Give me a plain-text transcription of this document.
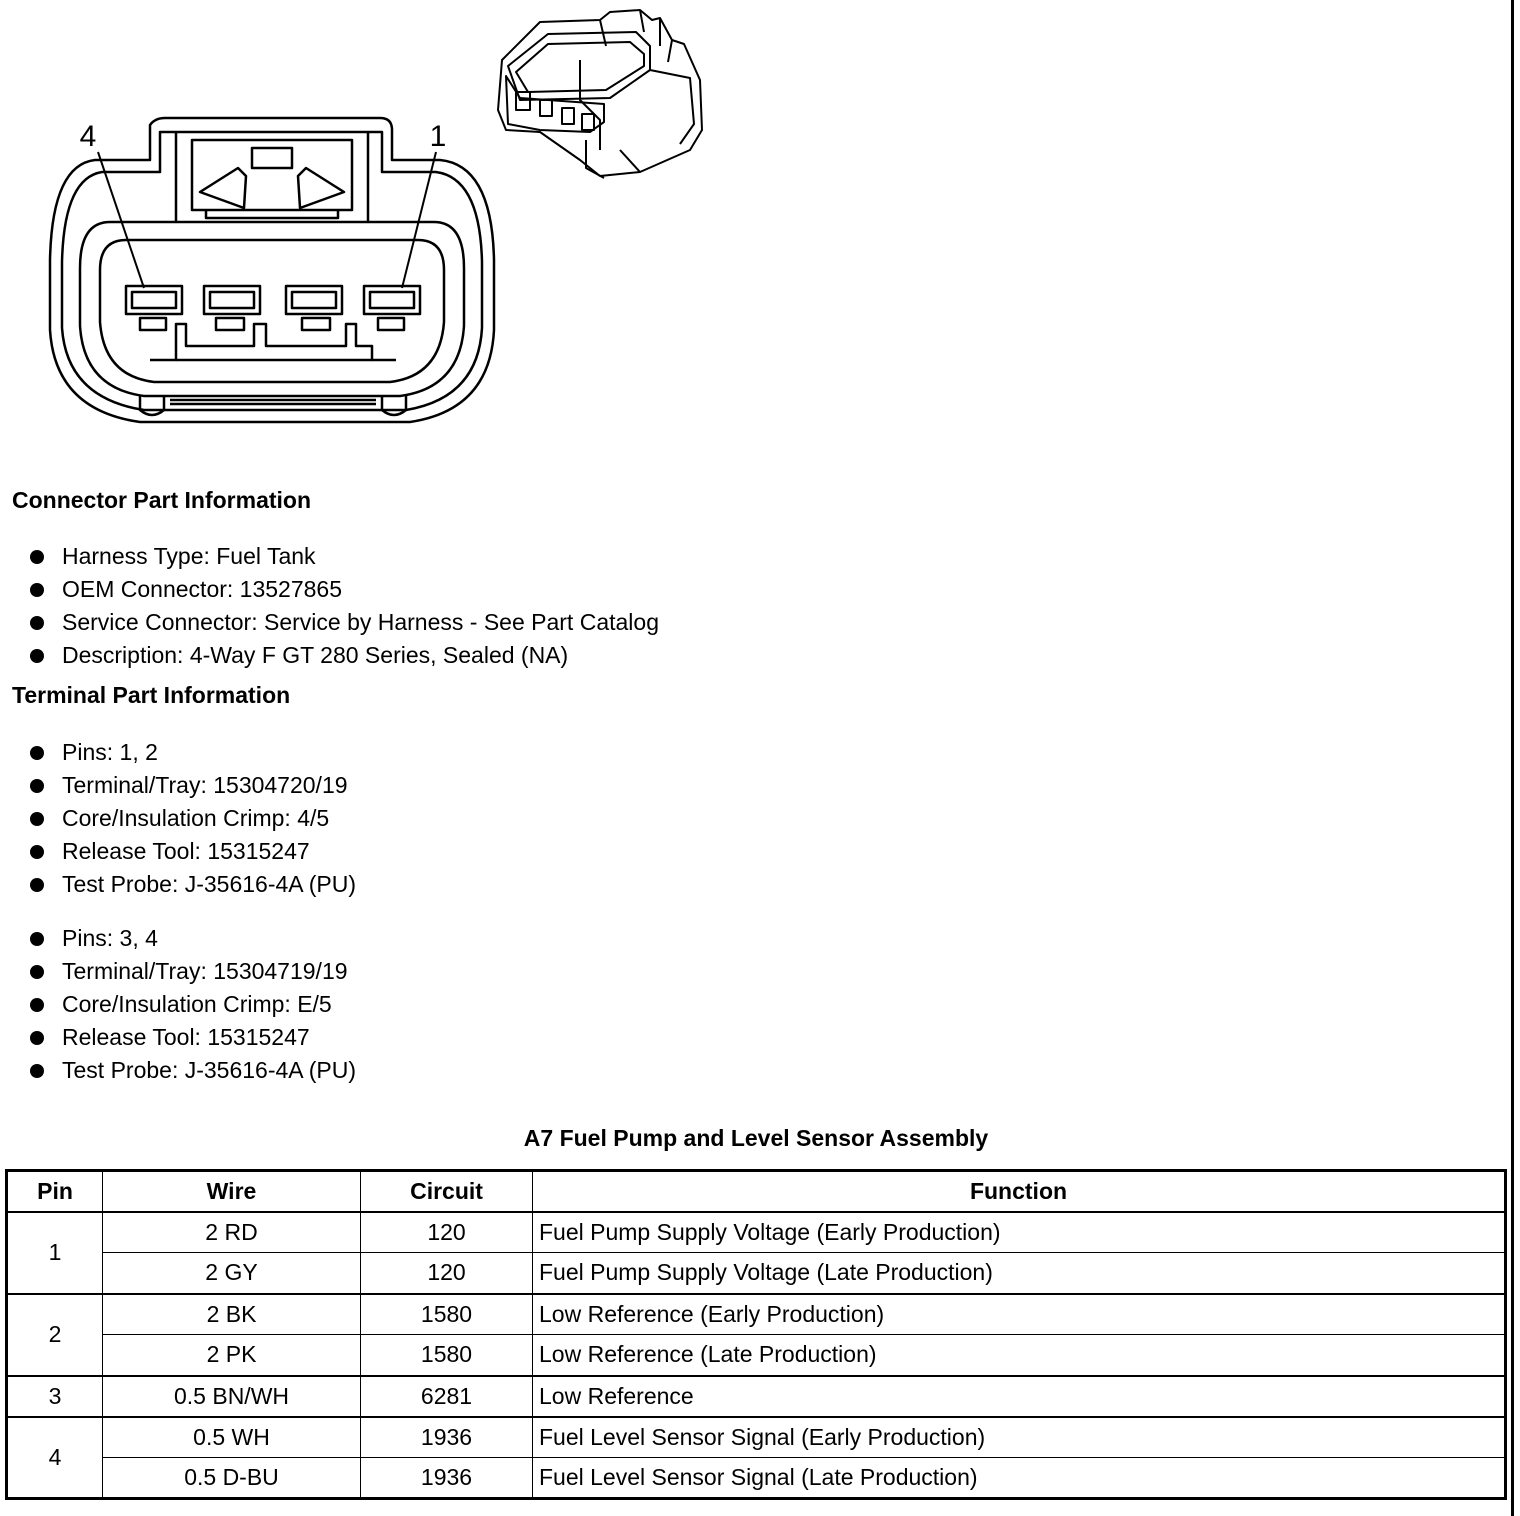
4	1
Connector Part Information
Harness Type: Fuel Tank
OEM Connector: 13527865
Service Connector: Service by Harness - See Part Catalog
Description: 4-Way F GT 280 Series, Sealed (NA)
Terminal Part Information
Pins: 1, 2
Terminal/Tray: 15304720/19
Core/Insulation Crimp: 4/5
Release Tool: 15315247
Test Probe: J-35616-4A (PU)
Pins: 3, 4
Terminal/Tray: 15304719/19
Core/Insulation Crimp: E/5
Release Tool: 15315247
Test Probe: J-35616-4A (PU)
A7 Fuel Pump and Level Sensor Assembly
Pin	Wire	Circuit	Function
1	2 RD	120	Fuel Pump Supply Voltage (Early Production)
	2 GY	120	Fuel Pump Supply Voltage (Late Production)
2	2 BK	1580	Low Reference (Early Production)
	2 PK	1580	Low Reference (Late Production)
3	0.5 BN/WH	6281	Low Reference
4	0.5 WH	1936	Fuel Level Sensor Signal (Early Production)
	0.5 D-BU	1936	Fuel Level Sensor Signal (Late Production)
